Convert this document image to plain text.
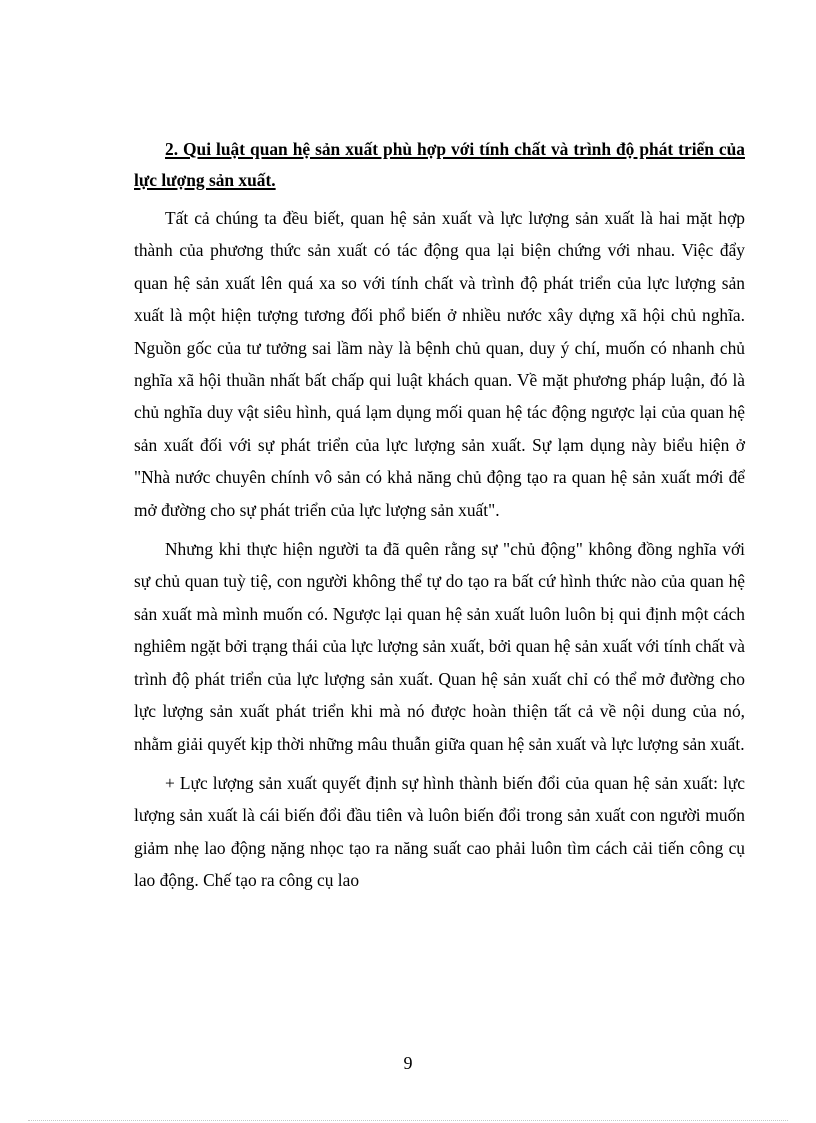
2. Qui luật quan hệ sản xuất phù hợp với tính chất và trình độ phát triển của lực lượng sản xuất.

Tất cả chúng ta đều biết, quan hệ sản xuất và lực lượng sản xuất là hai mặt hợp thành của phương thức sản xuất có tác động qua lại biện chứng với nhau. Việc đẩy quan hệ sản xuất lên quá xa so với tính chất và trình độ phát triển của lực lượng sản xuất là một hiện tượng tương đối phổ biến ở nhiều nước xây dựng xã hội chủ nghĩa. Nguồn gốc của tư tưởng sai lầm này là bệnh chủ quan, duy ý chí, muốn có nhanh chủ nghĩa xã hội thuần nhất bất chấp qui luật khách quan. Về mặt phương pháp luận, đó là chủ nghĩa duy vật siêu hình, quá lạm dụng mối quan hệ tác động ngược lại của quan hệ sản xuất đối với sự phát triển của lực lượng sản xuất. Sự lạm dụng này biểu hiện ở "Nhà nước chuyên chính vô sản có khả năng chủ động tạo ra quan hệ sản xuất mới để mở đường cho sự phát triển của lực lượng sản xuất".

Nhưng khi thực hiện người ta đã quên rằng sự "chủ động" không đồng nghĩa với sự chủ quan tuỳ tiệ, con người không thể tự do tạo ra bất cứ hình thức nào của quan hệ sản xuất mà mình muốn có. Ngược lại quan hệ sản xuất luôn luôn bị qui định một cách nghiêm ngặt bởi trạng thái của lực lượng sản xuất, bởi quan hệ sản xuất với tính chất và trình độ phát triển của lực lượng sản xuất. Quan hệ sản xuất chỉ có thể mở đường cho lực lượng sản xuất phát triển khi mà nó được hoàn thiện tất cả về nội dung của nó, nhằm giải quyết kịp thời những mâu thuẫn giữa quan hệ sản xuất và lực lượng sản xuất.

+ Lực lượng sản xuất quyết định sự hình thành biến đổi của quan hệ sản xuất: lực lượng sản xuất là cái biến đổi đầu tiên và luôn biến đổi trong sản xuất con người muốn giảm nhẹ lao động nặng nhọc tạo ra năng suất cao phải luôn tìm cách cải tiến công cụ lao động. Chế tạo ra công cụ lao

9
